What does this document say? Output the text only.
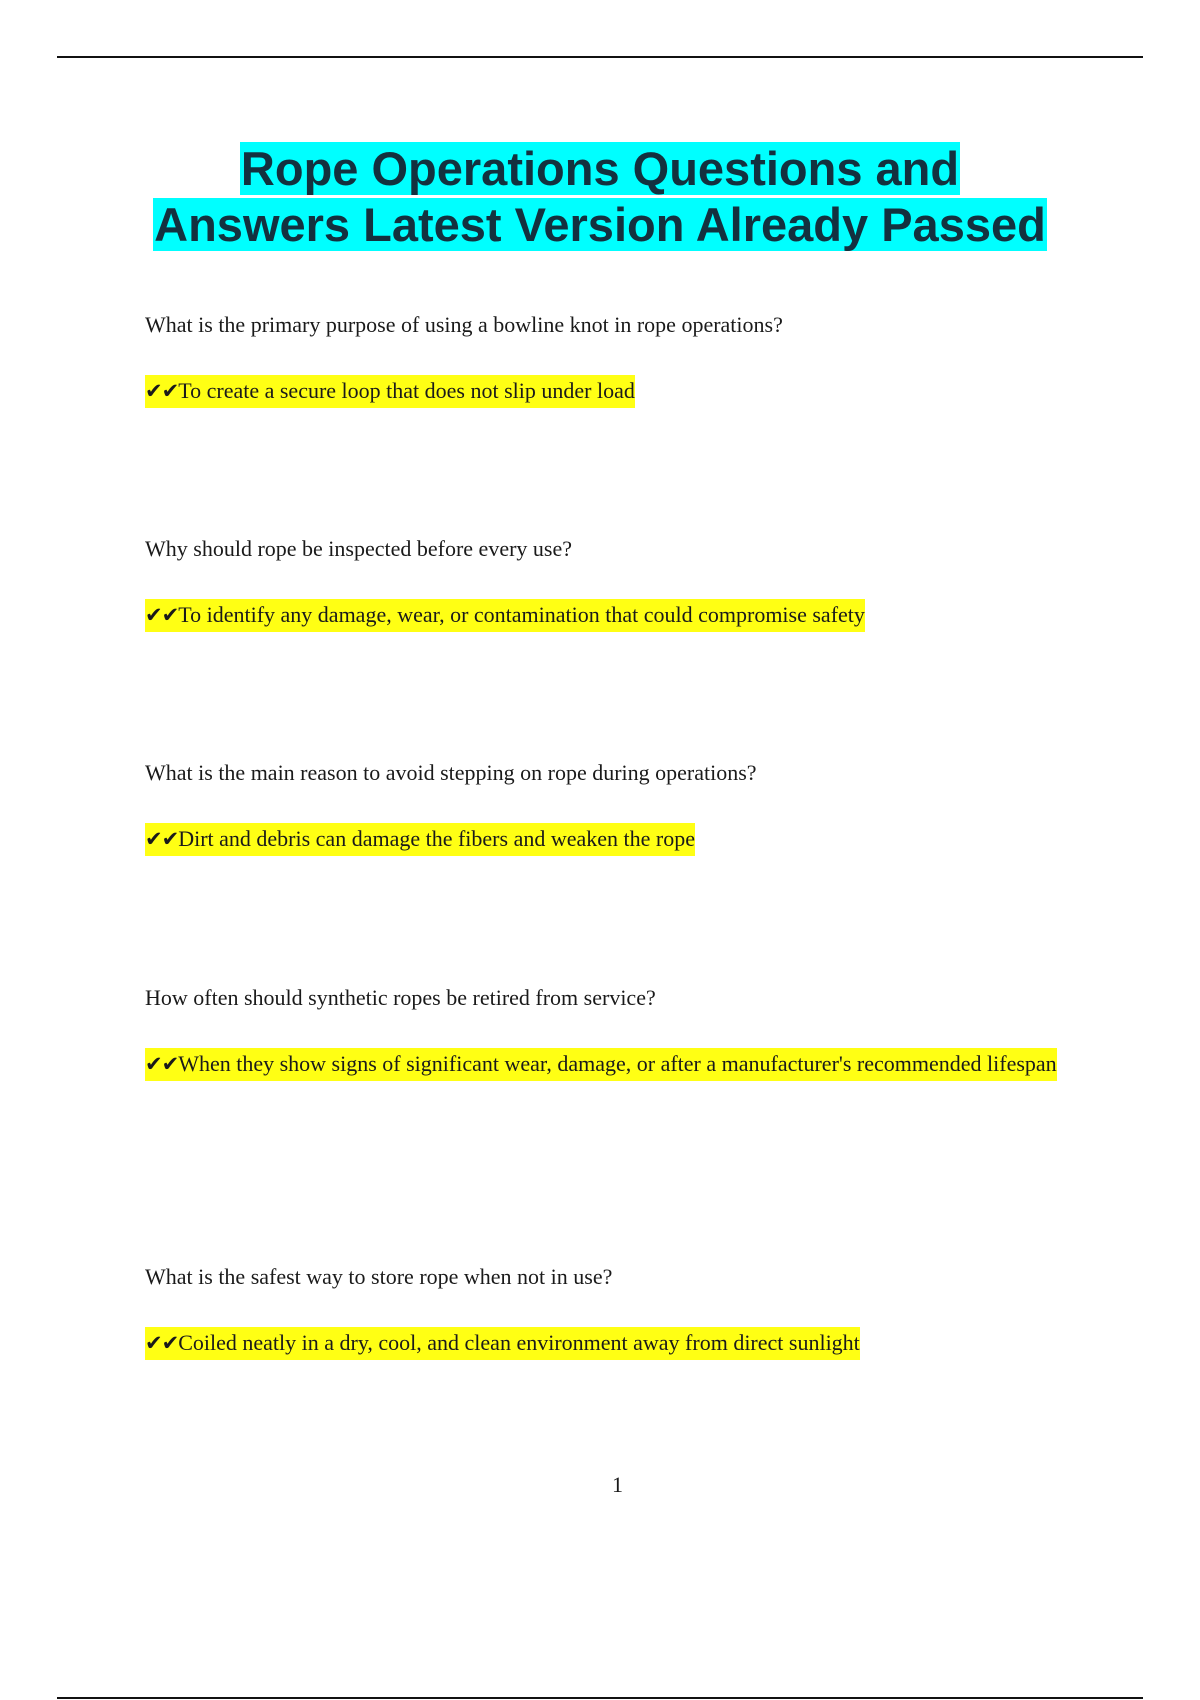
Rope Operations Questions and
Answers Latest Version Already Passed

What is the primary purpose of using a bowline knot in rope operations?

✔✔To create a secure loop that does not slip under load

Why should rope be inspected before every use?

✔✔To identify any damage, wear, or contamination that could compromise safety

What is the main reason to avoid stepping on rope during operations?

✔✔Dirt and debris can damage the fibers and weaken the rope

How often should synthetic ropes be retired from service?

✔✔When they show signs of significant wear, damage, or after a manufacturer's recommended lifespan

What is the safest way to store rope when not in use?

✔✔Coiled neatly in a dry, cool, and clean environment away from direct sunlight

1
